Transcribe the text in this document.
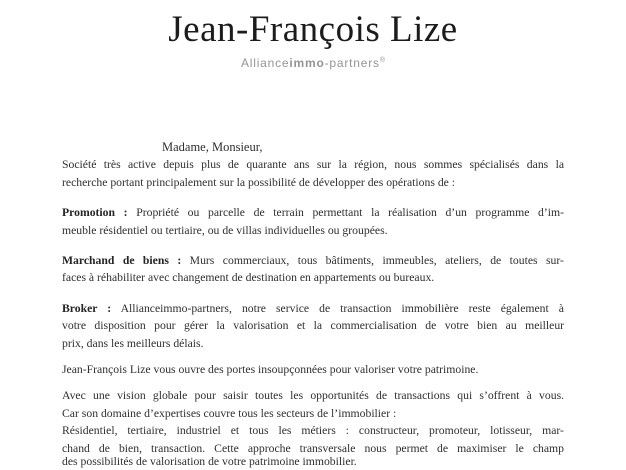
Jean-François Lize
Allianceimmo-partners®
Madame, Monsieur,
Société très active depuis plus de quarante ans sur la région, nous sommes spécialisés dans la
recherche portant principalement sur la possibilité de développer des opérations de :
Promotion : Propriété ou parcelle de terrain permettant la réalisation d’un programme d’im-
meuble résidentiel ou tertiaire, ou de villas individuelles ou groupées.
Marchand de biens : Murs commerciaux, tous bâtiments, immeubles, ateliers, de toutes sur-
faces à réhabiliter avec changement de destination en appartements ou bureaux.
Broker : Allianceimmo-partners, notre service de transaction immobilière reste également à
votre disposition pour gérer la valorisation et la commercialisation de votre bien au meilleur
prix, dans les meilleurs délais.
Jean-François Lize vous ouvre des portes insoupçonnées pour valoriser votre patrimoine.
Avec une vision globale pour saisir toutes les opportunités de transactions qui s’offrent à vous.
Car son domaine d’expertises couvre tous les secteurs de l’immobilier :
Résidentiel, tertiaire, industriel et tous les métiers : constructeur, promoteur, lotisseur, mar-
chand de bien, transaction. Cette approche transversale nous permet de maximiser le champ
des possibilités de valorisation de votre patrimoine immobilier.
